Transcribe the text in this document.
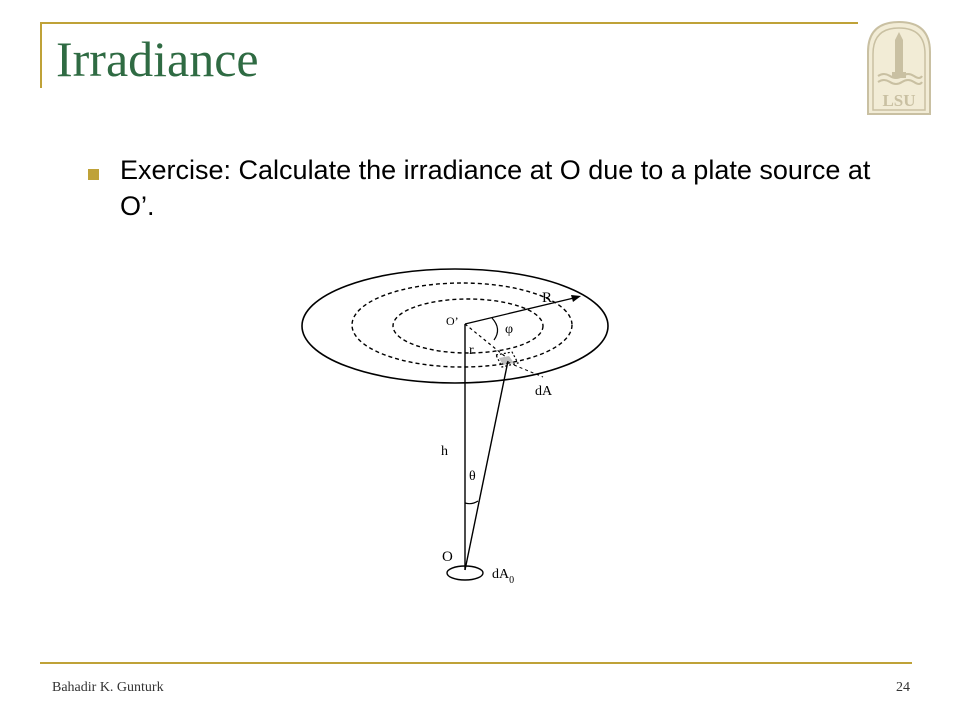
Irradiance
LSU
Exercise: Calculate the irradiance at O due to a plate source at O’.
R
O’
φ
r
dA
h
θ
O
$dA_0$
Bahadir K. Gunturk	24
